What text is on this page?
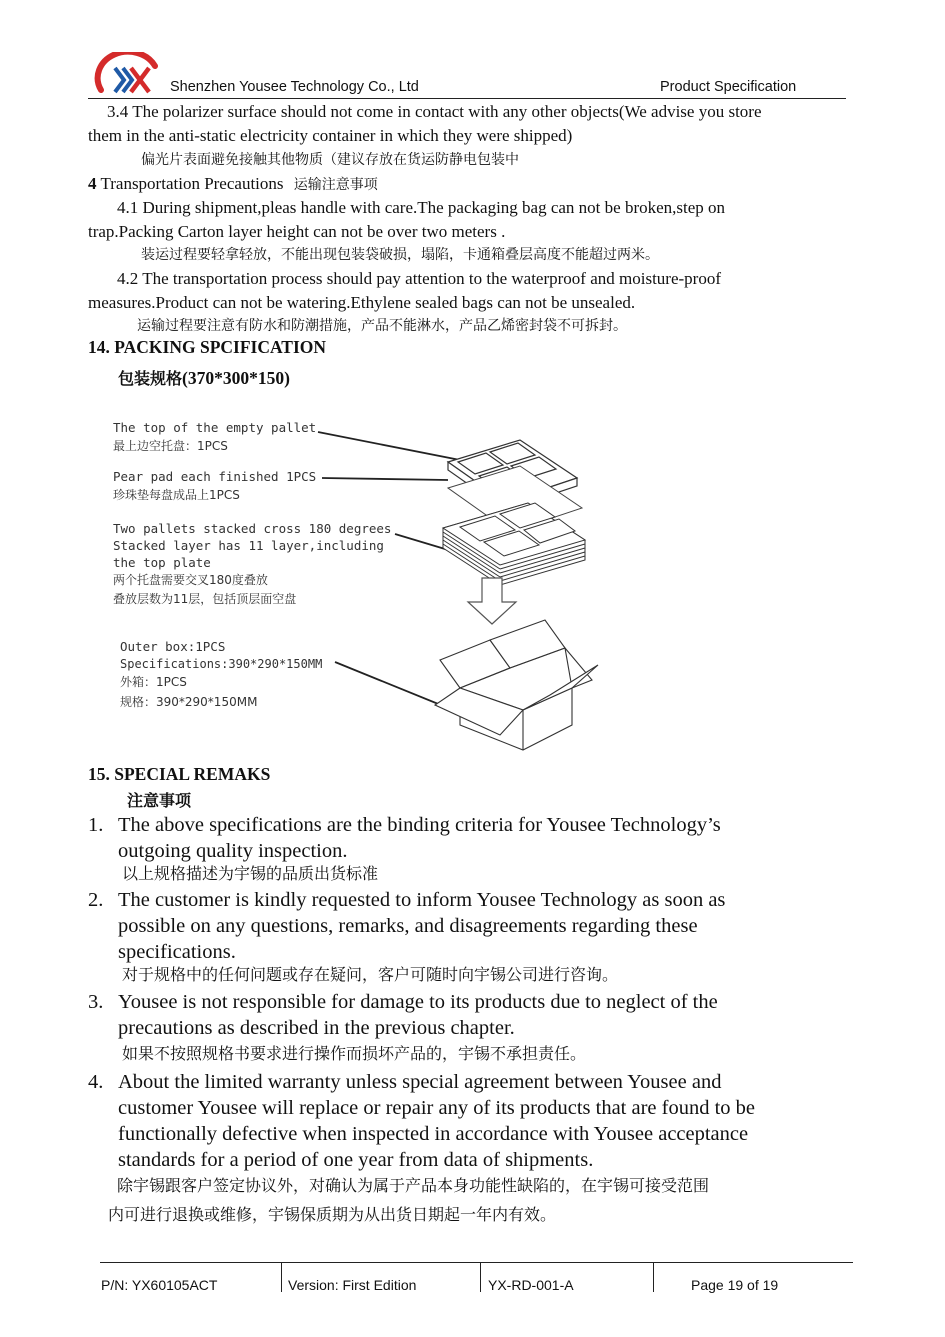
Shenzhen Yousee Technology Co., Ltd	Product Specification
3.4 The polarizer surface should not come in contact with any other objects(We advise you store
them in the anti-static electricity container in which they were shipped)
偏光片表面避免接触其他物质（建议存放在货运防静电包装中
4 Transportation Precautions 运输注意事项
4.1 During shipment,pleas handle with care.The packaging bag can not be broken,step on
trap.Packing Carton layer height can not be over two meters .
装运过程要轻拿轻放，不能出现包装袋破损，塌陷，卡通箱叠层高度不能超过两米。
4.2 The transportation process should pay attention to the waterproof and moisture-proof
measures.Product can not be watering.Ethylene sealed bags can not be unsealed.
运输过程要注意有防水和防潮措施，产品不能淋水，产品乙烯密封袋不可拆封。
14. PACKING SPCIFICATION
包装规格(370*300*150)
The top of the empty pallet
最上边空托盘：1PCS
Pear pad each finished 1PCS
珍珠垫每盘成品上1PCS
Two pallets stacked cross 180 degrees
Stacked layer has 11 layer,including
the top plate
两个托盘需要交叉180度叠放
叠放层数为11层，包括顶层面空盘
Outer box:1PCS
Specifications:390*290*150MM
外箱：1PCS
规格：390*290*150MM
15. SPECIAL REMAKS
注意事项
1. The above specifications are the binding criteria for Yousee Technology’s
outgoing quality inspection.
以上规格描述为宇锡的品质出货标准
2. The customer is kindly requested to inform Yousee Technology as soon as
possible on any questions, remarks, and disagreements regarding these
specifications.
对于规格中的任何问题或存在疑问，客户可随时向宇锡公司进行咨询。
3. Yousee is not responsible for damage to its products due to neglect of the
precautions as described in the previous chapter.
如果不按照规格书要求进行操作而损坏产品的，宇锡不承担责任。
4. About the limited warranty unless special agreement between Yousee and
customer Yousee will replace or repair any of its products that are found to be
functionally defective when inspected in accordance with Yousee acceptance
standards for a period of one year from data of shipments.
除宇锡跟客户签定协议外，对确认为属于产品本身功能性缺陷的，在宇锡可接受范围
内可进行退换或维修，宇锡保质期为从出货日期起一年内有效。
P/N: YX60105ACT	Version: First Edition	YX-RD-001-A	Page 19 of 19
